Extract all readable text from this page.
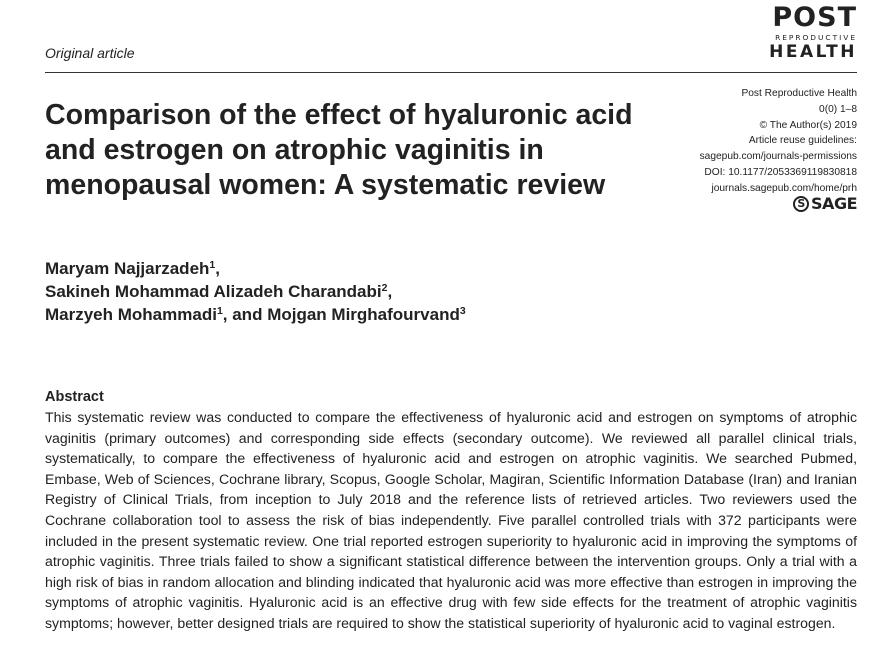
Original article
POST
REPRODUCTIVE
HEALTH
Comparison of the effect of hyaluronic acid and estrogen on atrophic vaginitis in menopausal women: A systematic review
Post Reproductive Health
0(0) 1–8
© The Author(s) 2019
Article reuse guidelines:
sagepub.com/journals-permissions
DOI: 10.1177/2053369119830818
journals.sagepub.com/home/prh
S SAGE
Maryam Najjarzadeh$^1$,
Sakineh Mohammad Alizadeh Charandabi$^2$,
Marzyeh Mohammadi$^1$, and Mojgan Mirghafourvand$^3$
Abstract

This systematic review was conducted to compare the effectiveness of hyaluronic acid and estrogen on symptoms of atrophic vaginitis (primary outcomes) and corresponding side effects (secondary outcome). We reviewed all parallel clinical trials, systematically, to compare the effectiveness of hyaluronic acid and estrogen on atrophic vaginitis. We searched Pubmed, Embase, Web of Sciences, Cochrane library, Scopus, Google Scholar, Magiran, Scientific Information Database (Iran) and Iranian Registry of Clinical Trials, from inception to July 2018 and the reference lists of retrieved articles. Two reviewers used the Cochrane collaboration tool to assess the risk of bias independently. Five parallel controlled trials with 372 participants were included in the present systematic review. One trial reported estrogen superiority to hyaluronic acid in improving the symptoms of atrophic vaginitis. Three trials failed to show a significant statistical difference between the intervention groups. Only a trial with a high risk of bias in random allocation and blinding indicated that hyaluronic acid was more effective than estrogen in improving the symptoms of atrophic vaginitis. Hyaluronic acid is an effective drug with few side effects for the treatment of atrophic vaginitis symptoms; however, better designed trials are required to show the statistical superiority of hyaluronic acid to vaginal estrogen.
